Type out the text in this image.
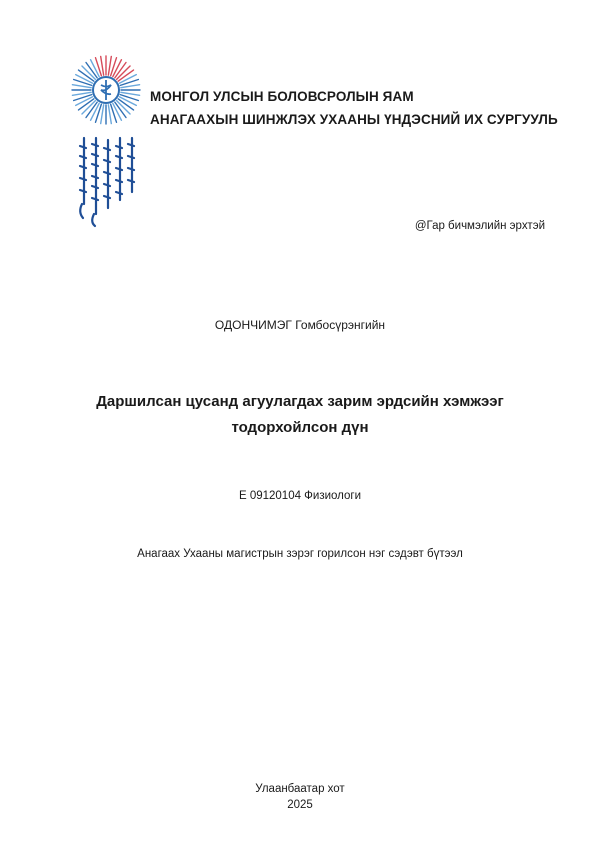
МОНГОЛ УЛСЫН БОЛОВСРОЛЫН ЯАМ
АНАГААХЫН ШИНЖЛЭХ УХААНЫ ҮНДЭСНИЙ ИХ СУРГУУЛЬ
@Гар бичмэлийн эрхтэй
ОДОНЧИМЭГ Гомбосүрэнгийн
Даршилсан цусанд агуулагдах зарим эрдсийн хэмжээг
тодорхойлсон дүн
E 09120104 Физиологи
Анагаах Ухааны магистрын зэрэг горилсон нэг сэдэвт бүтээл
Улаанбаатар хот
2025
